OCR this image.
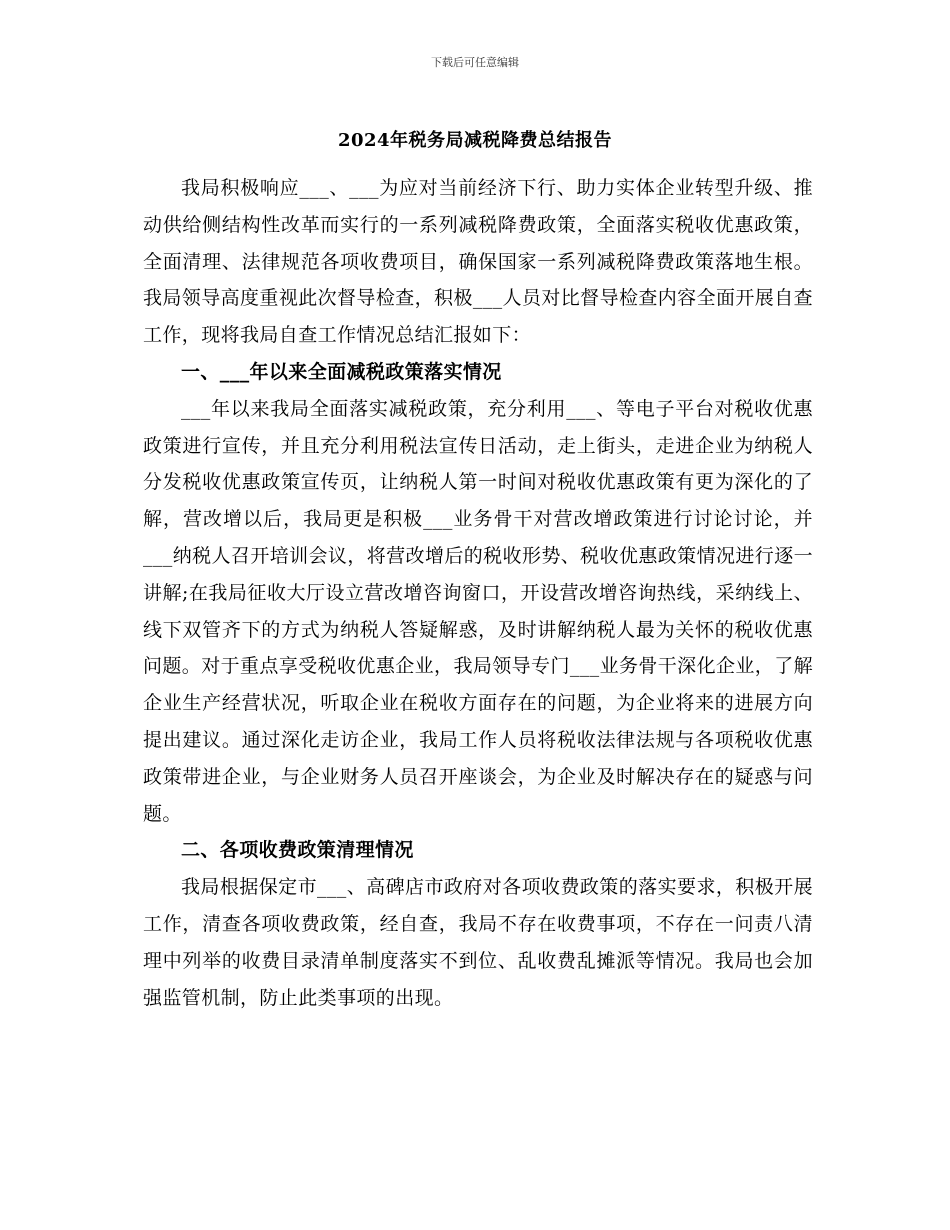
下载后可任意编辑
2024年税务局减税降费总结报告

我局积极响应___、___为应对当前经济下行、助力实体企业转型升级、推动供给侧结构性改革而实行的一系列减税降费政策，全面落实税收优惠政策，全面清理、法律规范各项收费项目，确保国家一系列减税降费政策落地生根。我局领导高度重视此次督导检查，积极___人员对比督导检查内容全面开展自查工作，现将我局自查工作情况总结汇报如下：

一、___年以来全面减税政策落实情况

___年以来我局全面落实减税政策，充分利用___、等电子平台对税收优惠政策进行宣传，并且充分利用税法宣传日活动，走上街头，走进企业为纳税人分发税收优惠政策宣传页，让纳税人第一时间对税收优惠政策有更为深化的了解，营改增以后，我局更是积极___业务骨干对营改增政策进行讨论讨论，并___纳税人召开培训会议，将营改增后的税收形势、税收优惠政策情况进行逐一讲解;在我局征收大厅设立营改增咨询窗口，开设营改增咨询热线，采纳线上、线下双管齐下的方式为纳税人答疑解惑，及时讲解纳税人最为关怀的税收优惠问题。对于重点享受税收优惠企业，我局领导专门___业务骨干深化企业，了解企业生产经营状况，听取企业在税收方面存在的问题，为企业将来的进展方向提出建议。通过深化走访企业，我局工作人员将税收法律法规与各项税收优惠政策带进企业，与企业财务人员召开座谈会，为企业及时解决存在的疑惑与问题。

二、各项收费政策清理情况

我局根据保定市___、高碑店市政府对各项收费政策的落实要求，积极开展工作，清查各项收费政策，经自查，我局不存在收费事项，不存在一问责八清理中列举的收费目录清单制度落实不到位、乱收费乱摊派等情况。我局也会加强监管机制，防止此类事项的出现。
